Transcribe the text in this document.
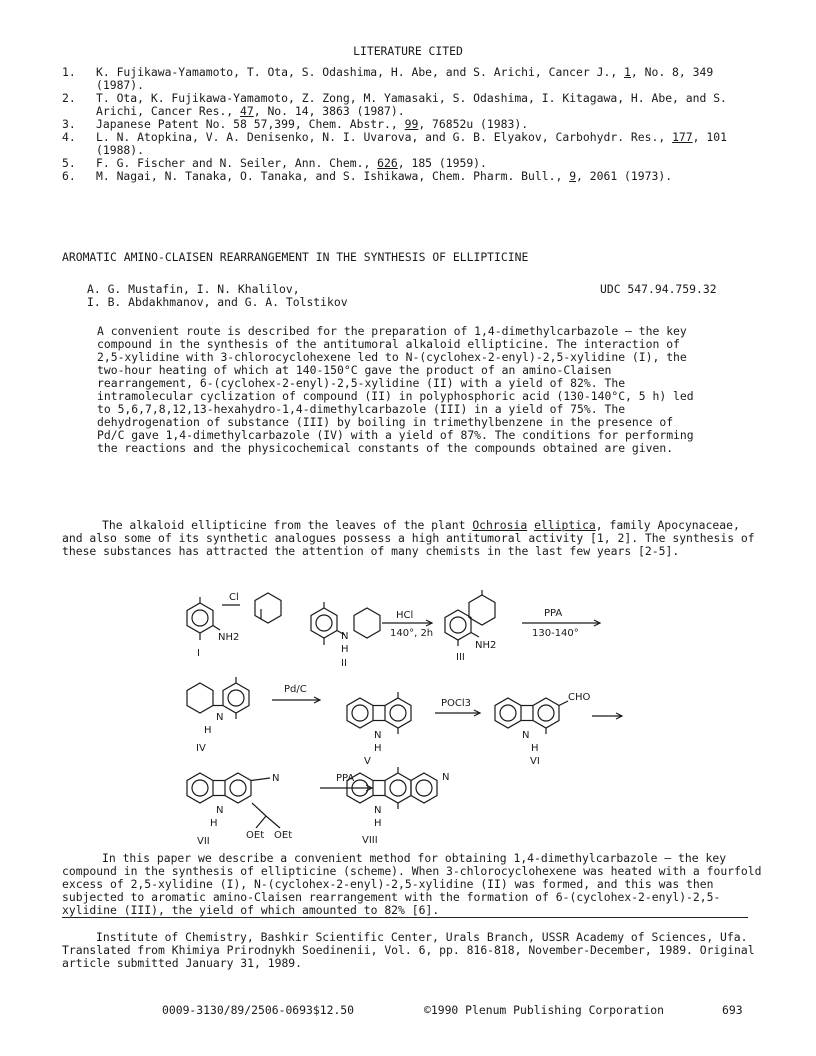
LITERATURE CITED
1. K. Fujikawa-Yamamoto, T. Ota, S. Odashima, H. Abe, and S. Arichi, Cancer J., 1, No. 8, 349 (1987).
2. T. Ota, K. Fujikawa-Yamamoto, Z. Zong, M. Yamasaki, S. Odashima, I. Kitagawa, H. Abe, and S. Arichi, Cancer Res., 47, No. 14, 3863 (1987).
3. Japanese Patent No. 58 57,399, Chem. Abstr., 99, 76852u (1983).
4. L. N. Atopkina, V. A. Denisenko, N. I. Uvarova, and G. B. Elyakov, Carbohydr. Res., 177, 101 (1988).
5. F. G. Fischer and N. Seiler, Ann. Chem., 626, 185 (1959).
6. M. Nagai, N. Tanaka, O. Tanaka, and S. Ishikawa, Chem. Pharm. Bull., 9, 2061 (1973).
AROMATIC AMINO-CLAISEN REARRANGEMENT IN THE SYNTHESIS OF ELLIPTICINE
A. G. Mustafin, I. N. Khalilov,
I. B. Abdakhmanov, and G. A. Tolstikov
UDC 547.94.759.32
A convenient route is described for the preparation of 1,4-dimethylcarbazole — the key compound in the synthesis of the antitumoral alkaloid ellipticine. The interaction of 2,5-xylidine with 3-chlorocyclohexene led to N-(cyclohex-2-enyl)-2,5-xylidine (I), the two-hour heating of which at 140-150°C gave the product of an amino-Claisen rearrangement, 6-(cyclohex-2-enyl)-2,5-xylidine (II) with a yield of 82%. The intramolecular cyclization of compound (II) in polyphosphoric acid (130-140°C, 5 h) led to 5,6,7,8,12,13-hexahydro-1,4-dimethylcarbazole (III) in a yield of 75%. The dehydrogenation of substance (III) by boiling in trimethylbenzene in the presence of Pd/C gave 1,4-dimethylcarbazole (IV) with a yield of 87%. The conditions for performing the reactions and the physicochemical constants of the compounds obtained are given.
The alkaloid ellipticine from the leaves of the plant Ochrosia elliptica, family Apocynaceae, and also some of its synthetic analogues possess a high antitumoral activity [1, 2]. The synthesis of these substances has attracted the attention of many chemists in the last few years [2-5].
Cl
NH2
I
N
H
II
HCl
140°, 2h
NH2
III
PPA
130-140°
N
H
IV
Pd/C
N
H
V
POCl3
CHO
N
H
VI
N
N
H
VII
OEt OEt
PPA	N
N
H
VIII
In this paper we describe a convenient method for obtaining 1,4-dimethylcarbazole — the key compound in the synthesis of ellipticine (scheme). When 3-chlorocyclohexene was heated with a fourfold excess of 2,5-xylidine (I), N-(cyclohex-2-enyl)-2,5-xylidine (II) was formed, and this was then subjected to aromatic amino-Claisen rearrangement with the formation of 6-(cyclohex-2-enyl)-2,5-xylidine (III), the yield of which amounted to 82% [6].
Institute of Chemistry, Bashkir Scientific Center, Urals Branch, USSR Academy of Sciences, Ufa. Translated from Khimiya Prirodnykh Soedinenii, Vol. 6, pp. 816-818, November-December, 1989. Original article submitted January 31, 1989.
0009-3130/89/2506-0693$12.50	©1990 Plenum Publishing Corporation	693
